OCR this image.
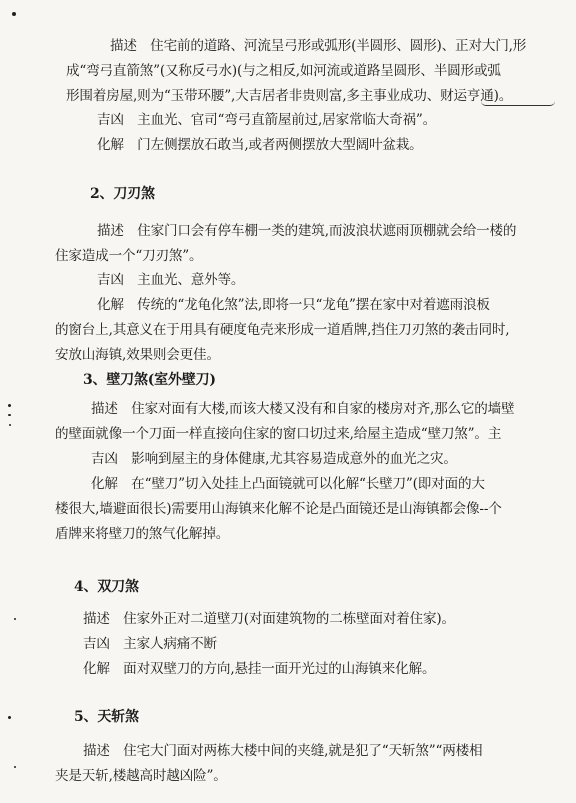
描述　住宅前的道路、河流呈弓形或弧形(半圆形、圆形)、正对大门,形
成“弯弓直箭煞”(又称反弓水)(与之相反,如河流或道路呈圆形、半圆形或弧
形围着房屋,则为“玉带环腰”,大吉居者非贵则富,多主事业成功、财运亨通)。
吉凶　主血光、官司“弯弓直箭屋前过,居家常临大奇祸”。
化解　门左侧摆放石敢当,或者两侧摆放大型阔叶盆栽。
2、刀刃煞
描述　住家门口会有停车棚一类的建筑,而波浪状遮雨顶棚就会给一楼的
住家造成一个“刀刃煞”。
吉凶　主血光、意外等。
化解　传统的“龙龟化煞”法,即将一只“龙龟”摆在家中对着遮雨浪板
的窗台上,其意义在于用具有硬度龟壳来形成一道盾牌,挡住刀刃煞的袭击同时,
安放山海镇,效果则会更佳。
3、壁刀煞(室外壁刀)
描述　住家对面有大楼,而该大楼又没有和自家的楼房对齐,那么它的墙壁
的壁面就像一个刀面一样直接向住家的窗口切过来,给屋主造成“壁刀煞”。主
吉凶　影响到屋主的身体健康,尤其容易造成意外的血光之灾。
化解　在“壁刀”切入处挂上凸面镜就可以化解“长壁刀”(即对面的大
楼很大,墙避面很长)需要用山海镇来化解不论是凸面镜还是山海镇都会像--个
盾牌来将壁刀的煞气化解掉。
4、双刀煞
描述　住家外正对二道壁刀(对面建筑物的二栋壁面对着住家)。
吉凶　主家人病痛不断
化解　面对双壁刀的方向,悬挂一面开光过的山海镇来化解。
5、天斩煞
描述　住宅大门面对两栋大楼中间的夹缝,就是犯了“天斩煞”“两楼相
夹是天斩,楼越高时越凶险”。
